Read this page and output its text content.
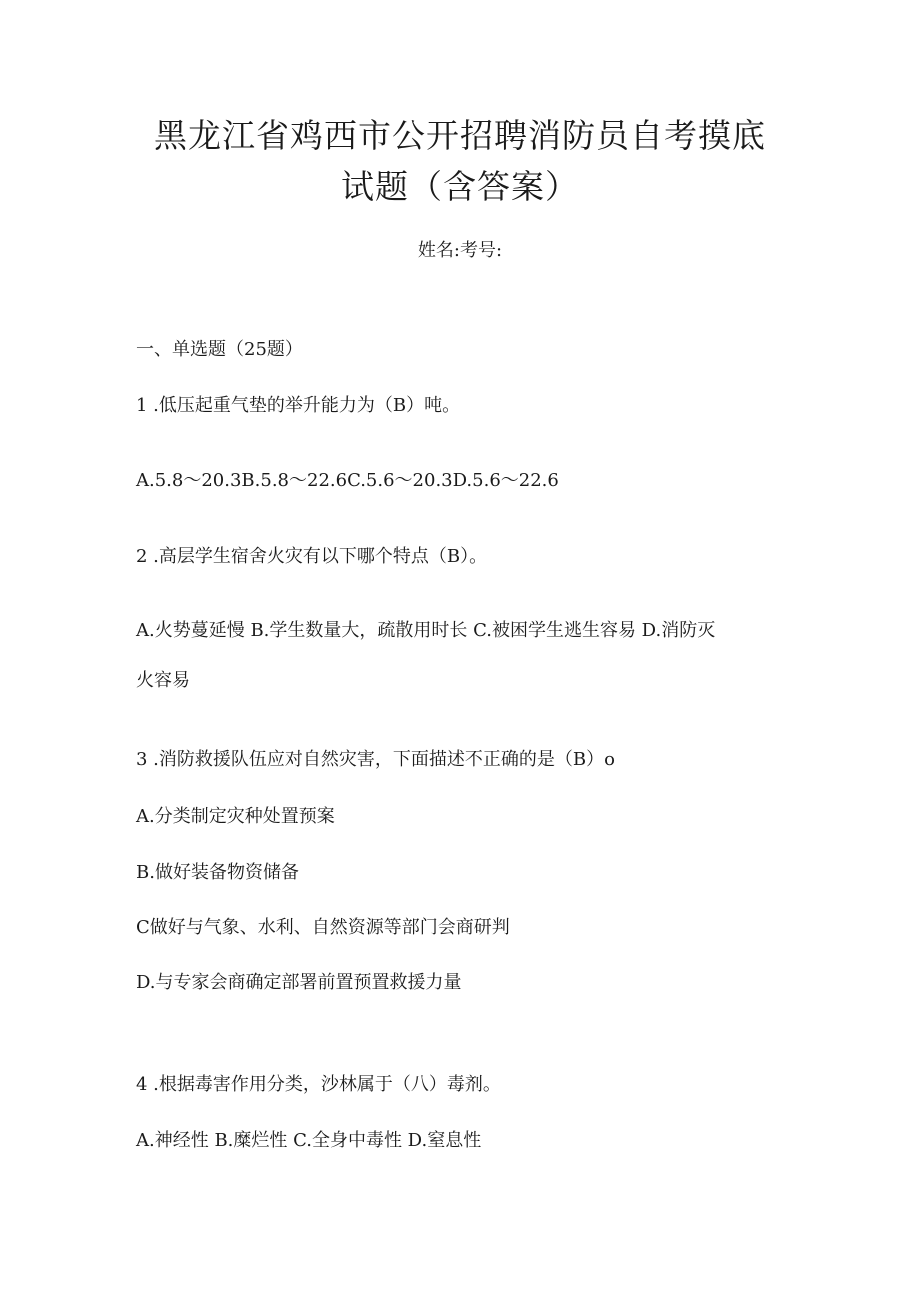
黑龙江省鸡西市公开招聘消防员自考摸底
试题（含答案）
姓名:考号:
一、单选题（25题）
1 .低压起重气垫的举升能力为（B）吨。
A.5.8～20.3B.5.8～22.6C.5.6～20.3D.5.6～22.6
2 .高层学生宿舍火灾有以下哪个特点（B）。
A.火势蔓延慢 B.学生数量大，疏散用时长 C.被困学生逃生容易 D.消防灭
火容易
3 .消防救援队伍应对自然灾害，下面描述不正确的是（B）o
A.分类制定灾种处置预案
B.做好装备物资储备
C做好与气象、水利、自然资源等部门会商研判
D.与专家会商确定部署前置预置救援力量
4 .根据毒害作用分类，沙林属于（八）毒剂。
A.神经性 B.糜烂性 C.全身中毒性 D.窒息性
